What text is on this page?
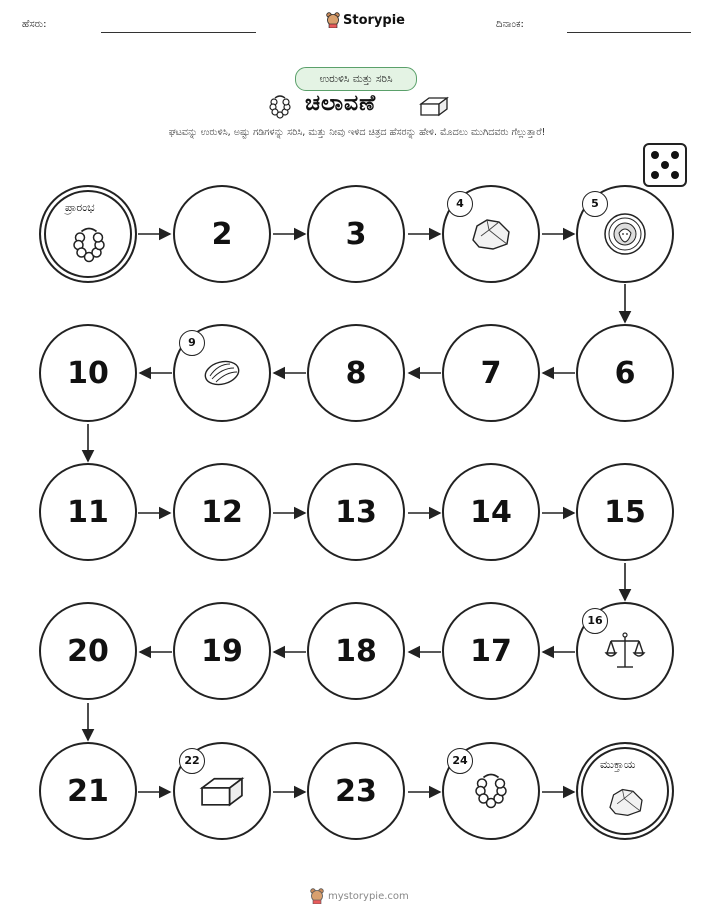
ಹೆಸರು:	Storypie	ದಿನಾಂಕ:
ಉರುಳಿಸಿ ಮತ್ತು ಸರಿಸಿ
ಚಲಾವಣೆ
ಘಟವನ್ನು ಉರುಳಿಸಿ, ಅಷ್ಟು ಗಡಿಗಳನ್ನು ಸರಿಸಿ, ಮತ್ತು ನೀವು ಇಳಿದ ಚಿತ್ರದ ಹೆಸರನ್ನು ಹೇಳಿ. ಮೊದಲು ಮುಗಿದವರು ಗೆಲ್ಲುತ್ತಾರೆ!
ಪ್ರಾರಂಭ
2	3
4	5
10
9
8	7	6
11	12	13	14	15
20	19	18	17
16
21
22
23
24	ಮುಕ್ತಾಯ
mystorypie.com
